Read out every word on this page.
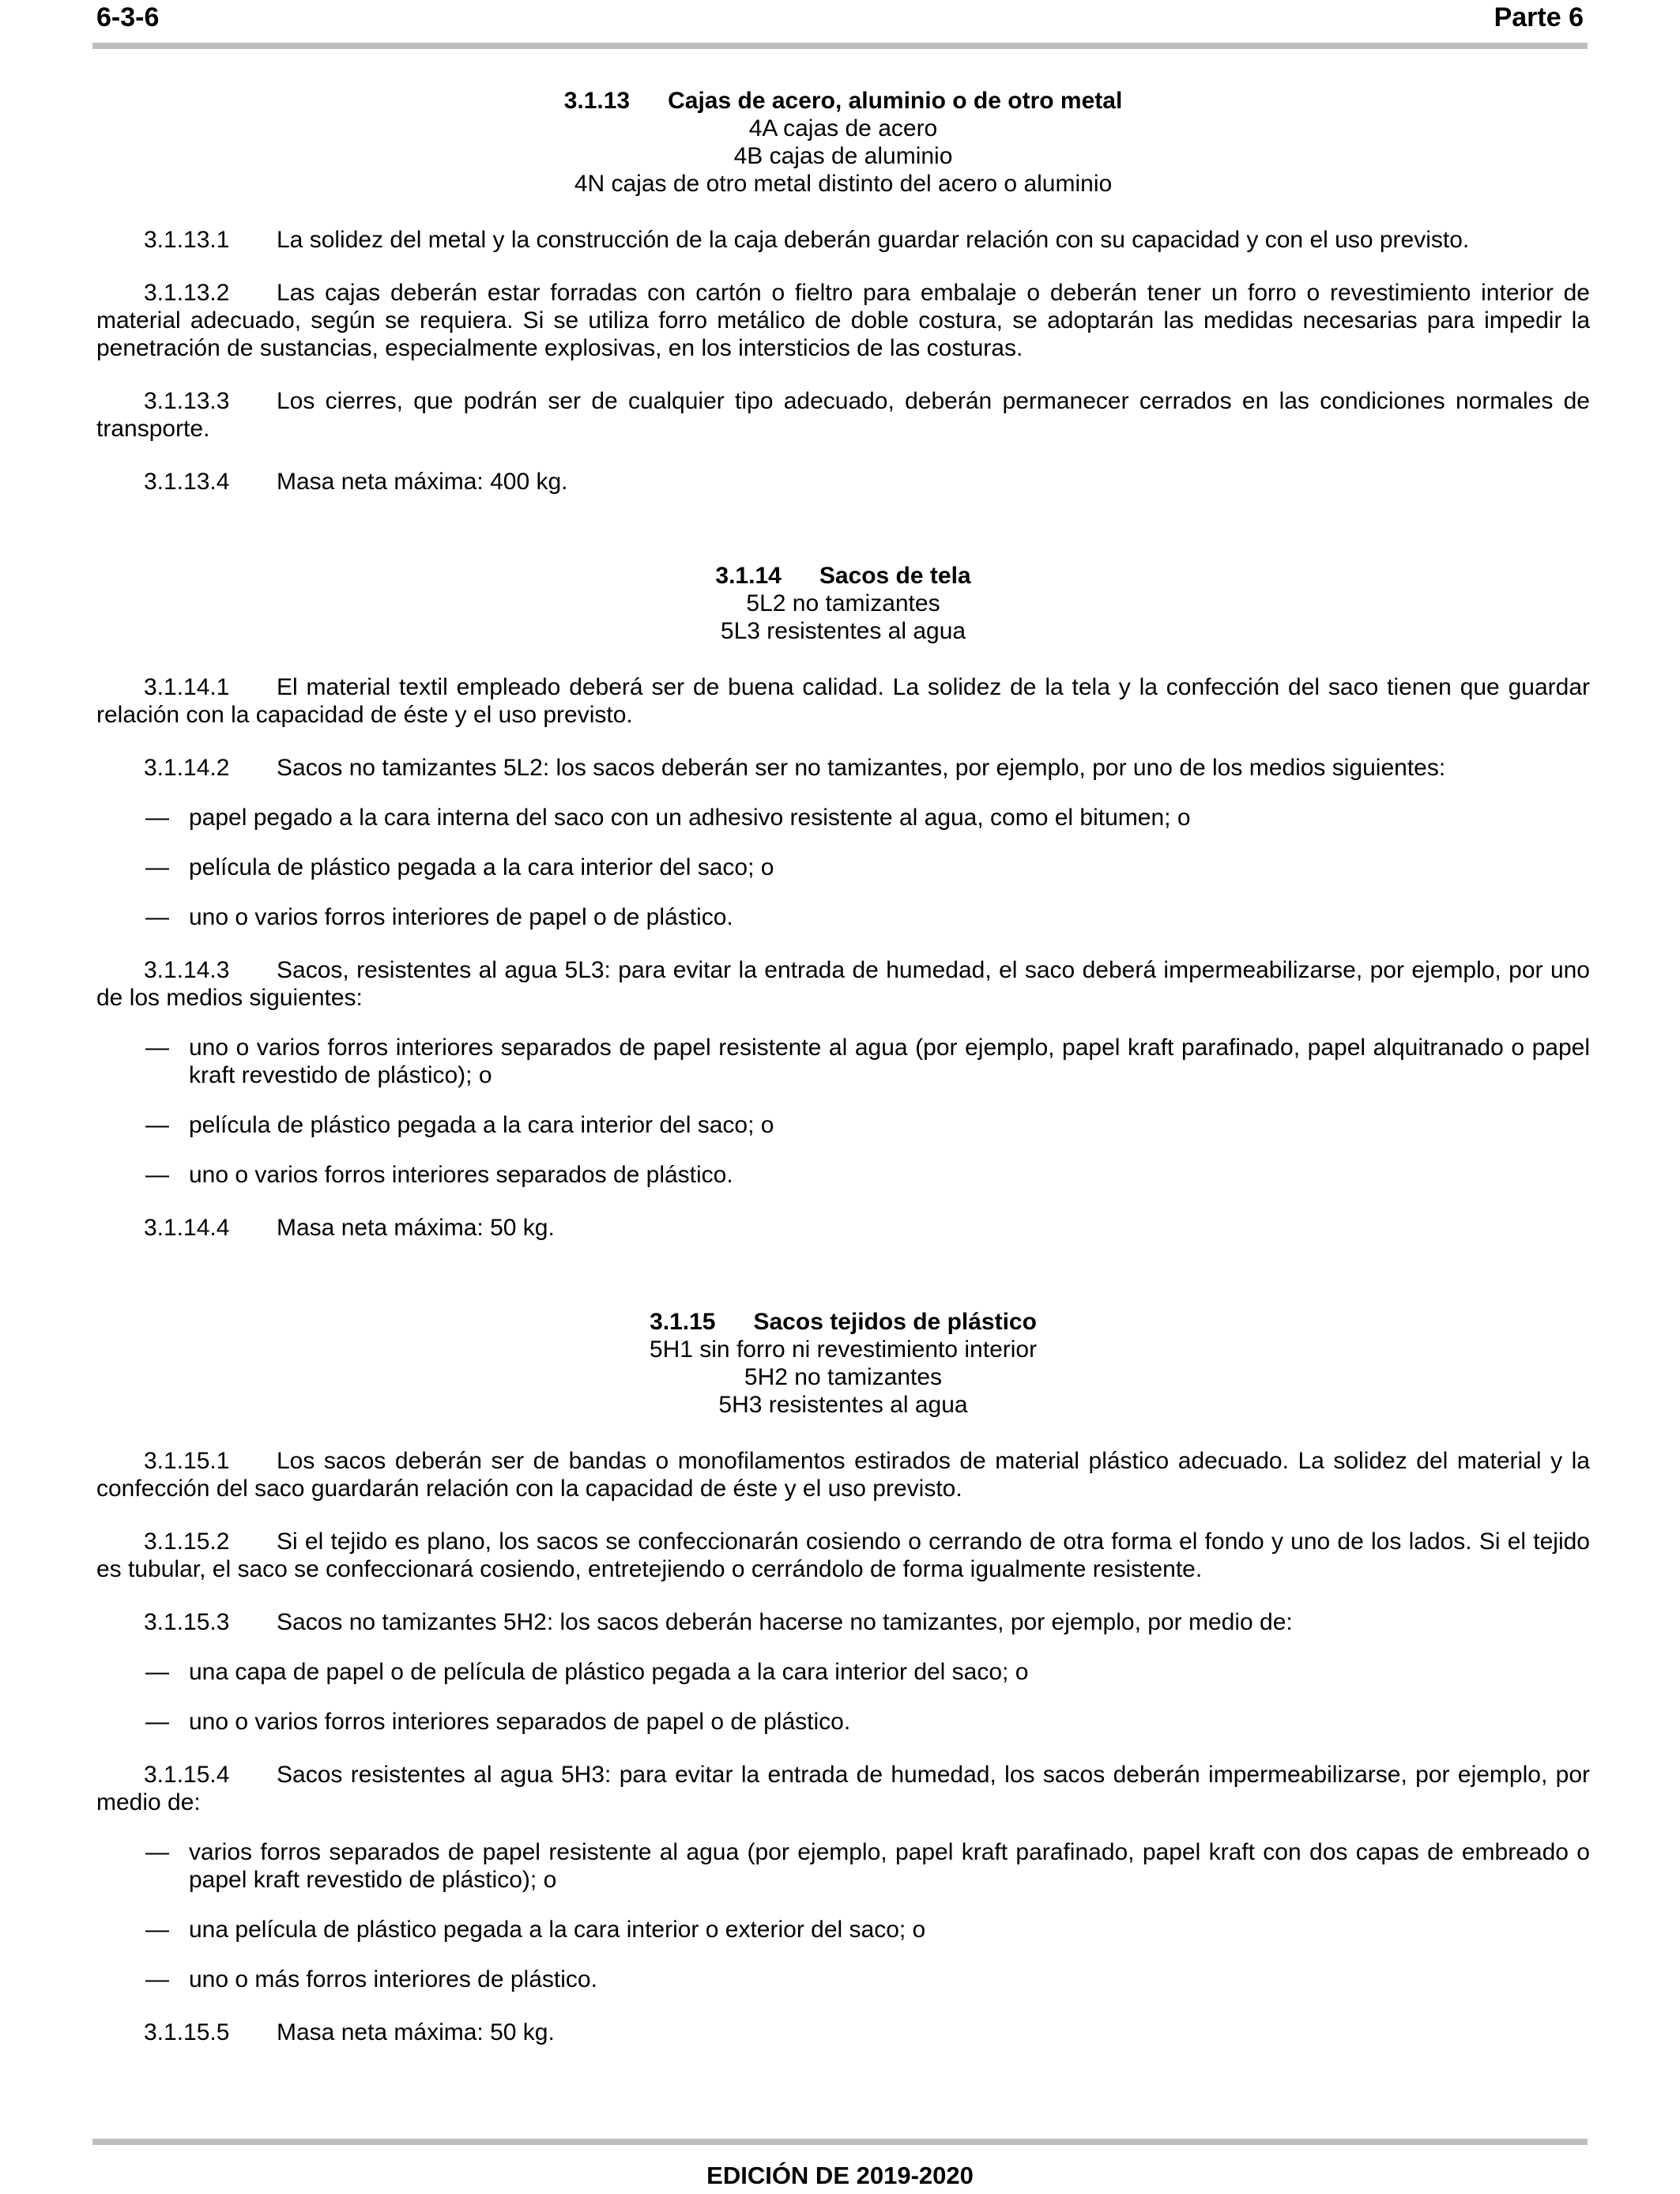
6-3-6	Parte 6
3.1.13 Cajas de acero, aluminio o de otro metal
4A cajas de acero
4B cajas de aluminio
4N cajas de otro metal distinto del acero o aluminio

3.1.13.1 La solidez del metal y la construcción de la caja deberán guardar relación con su capacidad y con el uso previsto.

3.1.13.2 Las cajas deberán estar forradas con cartón o fieltro para embalaje o deberán tener un forro o revestimiento interior de material adecuado, según se requiera. Si se utiliza forro metálico de doble costura, se adoptarán las medidas necesarias para impedir la penetración de sustancias, especialmente explosivas, en los intersticios de las costuras.

3.1.13.3 Los cierres, que podrán ser de cualquier tipo adecuado, deberán permanecer cerrados en las condiciones normales de transporte.

3.1.13.4 Masa neta máxima: 400 kg.

3.1.14 Sacos de tela
5L2 no tamizantes
5L3 resistentes al agua

3.1.14.1 El material textil empleado deberá ser de buena calidad. La solidez de la tela y la confección del saco tienen que guardar relación con la capacidad de éste y el uso previsto.

3.1.14.2 Sacos no tamizantes 5L2: los sacos deberán ser no tamizantes, por ejemplo, por uno de los medios siguientes:

— papel pegado a la cara interna del saco con un adhesivo resistente al agua, como el bitumen; o

— película de plástico pegada a la cara interior del saco; o

— uno o varios forros interiores de papel o de plástico.

3.1.14.3 Sacos, resistentes al agua 5L3: para evitar la entrada de humedad, el saco deberá impermeabilizarse, por ejemplo, por uno de los medios siguientes:

— uno o varios forros interiores separados de papel resistente al agua (por ejemplo, papel kraft parafinado, papel alquitranado o papel kraft revestido de plástico); o

— película de plástico pegada a la cara interior del saco; o

— uno o varios forros interiores separados de plástico.

3.1.14.4 Masa neta máxima: 50 kg.

3.1.15 Sacos tejidos de plástico
5H1 sin forro ni revestimiento interior
5H2 no tamizantes
5H3 resistentes al agua

3.1.15.1 Los sacos deberán ser de bandas o monofilamentos estirados de material plástico adecuado. La solidez del material y la confección del saco guardarán relación con la capacidad de éste y el uso previsto.

3.1.15.2 Si el tejido es plano, los sacos se confeccionarán cosiendo o cerrando de otra forma el fondo y uno de los lados. Si el tejido es tubular, el saco se confeccionará cosiendo, entretejiendo o cerrándolo de forma igualmente resistente.

3.1.15.3 Sacos no tamizantes 5H2: los sacos deberán hacerse no tamizantes, por ejemplo, por medio de:

— una capa de papel o de película de plástico pegada a la cara interior del saco; o

— uno o varios forros interiores separados de papel o de plástico.

3.1.15.4 Sacos resistentes al agua 5H3: para evitar la entrada de humedad, los sacos deberán impermeabilizarse, por ejemplo, por medio de:

— varios forros separados de papel resistente al agua (por ejemplo, papel kraft parafinado, papel kraft con dos capas de embreado o papel kraft revestido de plástico); o

— una película de plástico pegada a la cara interior o exterior del saco; o

— uno o más forros interiores de plástico.

3.1.15.5 Masa neta máxima: 50 kg.

EDICIÓN DE 2019-2020
